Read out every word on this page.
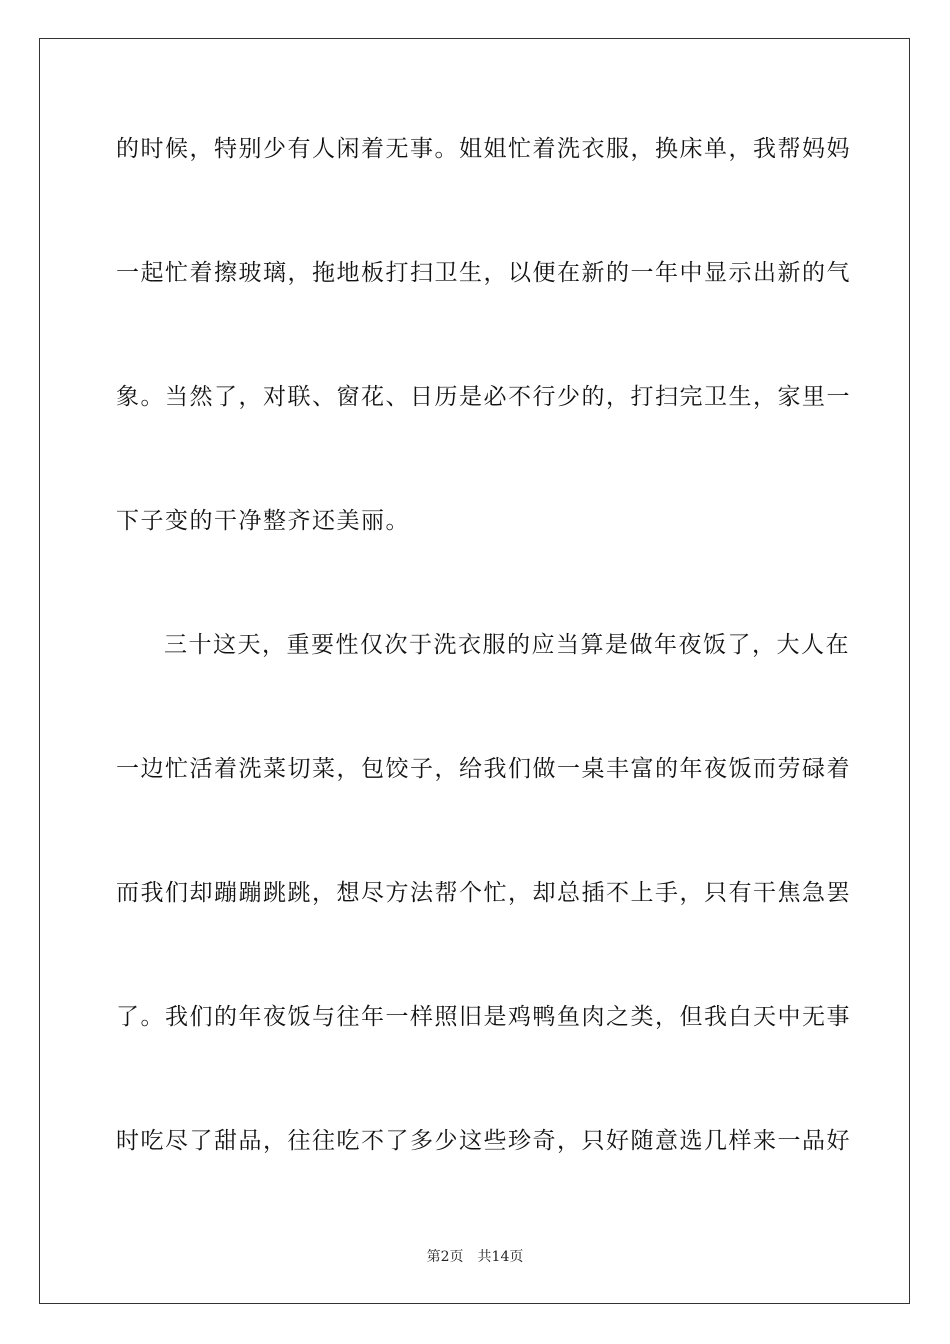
的时候，特别少有人闲着无事。姐姐忙着洗衣服，换床单，我帮妈妈
一起忙着擦玻璃，拖地板打扫卫生，以便在新的一年中显示出新的气
象。当然了，对联、窗花、日历是必不行少的，打扫完卫生，家里一
下子变的干净整齐还美丽。
三十这天，重要性仅次于洗衣服的应当算是做年夜饭了，大人在
一边忙活着洗菜切菜，包饺子，给我们做一桌丰富的年夜饭而劳碌着
而我们却蹦蹦跳跳，想尽方法帮个忙，却总插不上手，只有干焦急罢
了。我们的年夜饭与往年一样照旧是鸡鸭鱼肉之类，但我白天中无事
时吃尽了甜品，往往吃不了多少这些珍奇，只好随意选几样来一品好
第2页 共14页
